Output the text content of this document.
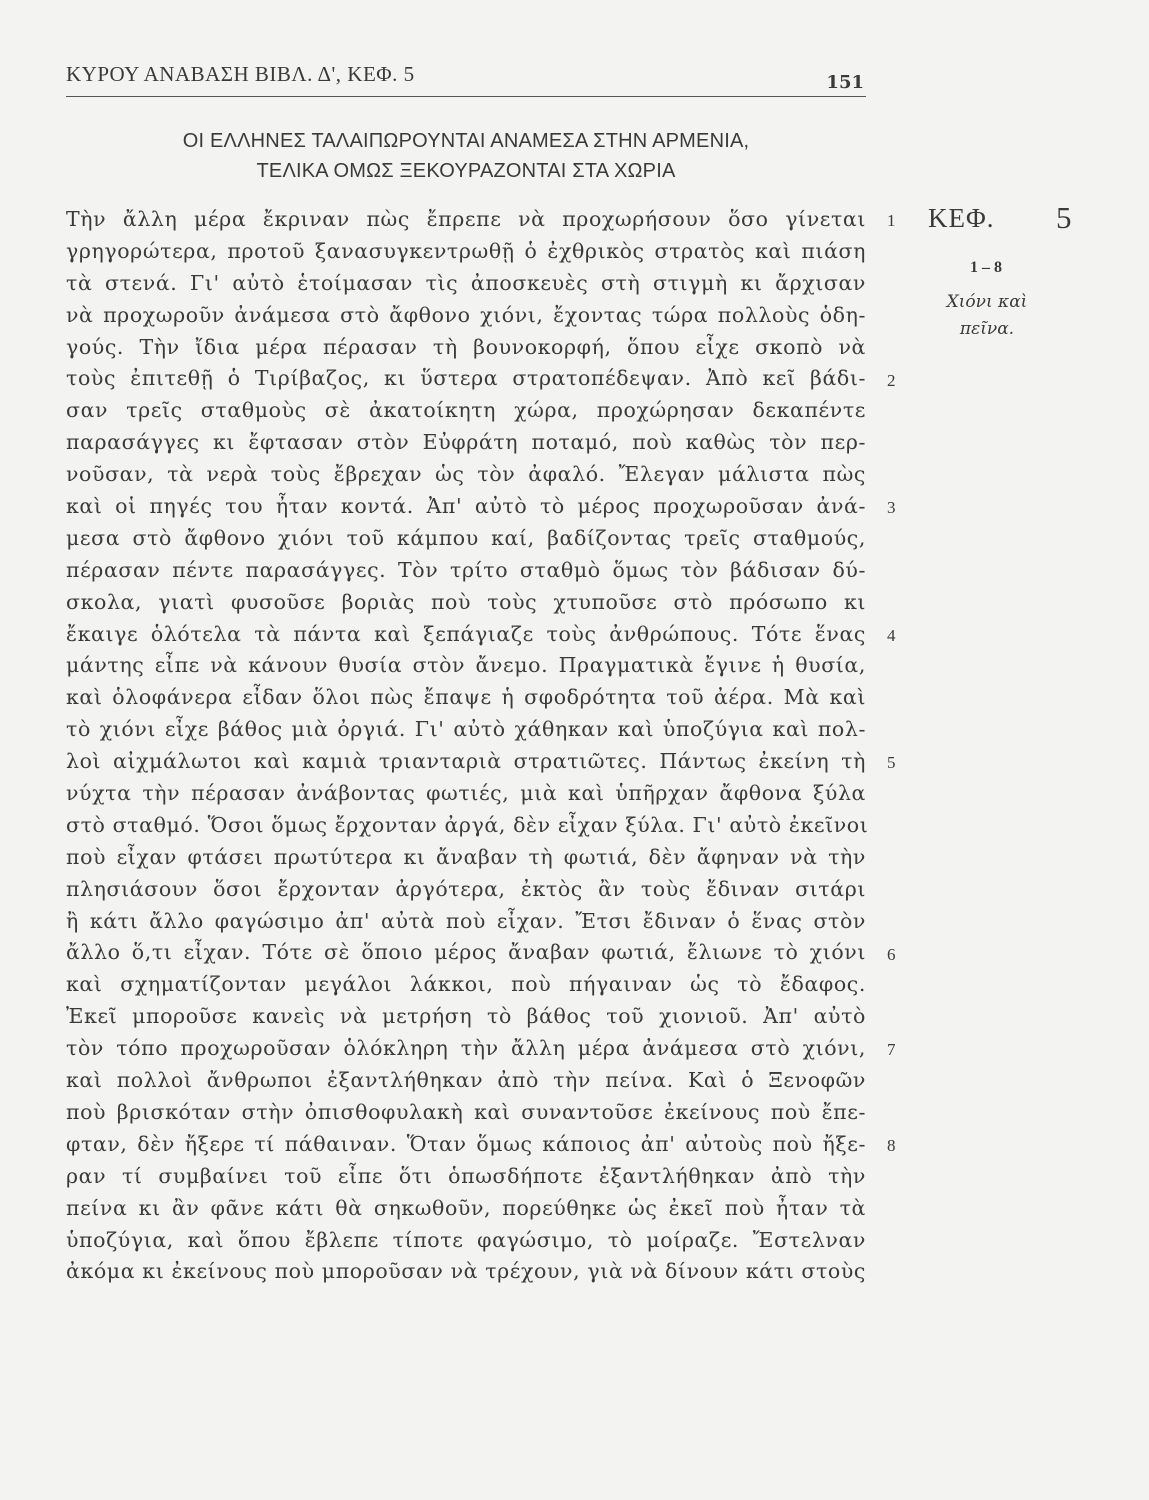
ΚΥΡΟΥ ΑΝΑΒΑΣΗ ΒΙΒΛ. Δ', ΚΕΦ. 5	151
ΟΙ ΕΛΛΗΝΕΣ ΤΑΛΑΙΠΩΡΟΥΝΤΑΙ ΑΝΑΜΕΣΑ ΣΤΗΝ ΑΡΜΕΝΙΑ,
ΤΕΛΙΚΑ ΟΜΩΣ ΞΕΚΟΥΡΑΖΟΝΤΑΙ ΣΤΑ ΧΩΡΙΑ
Τὴν ἄλλη μέρα ἔκριναν πὼς ἔπρεπε νὰ προχωρήσουν ὅσο γίνεται
γρηγορώτερα, προτοῦ ξανασυγκεντρωθῇ ὁ ἐχθρικὸς στρατὸς καὶ πιάση
τὰ στενά. Γι' αὐτὸ ἑτοίμασαν τὶς ἀποσκευὲς στὴ στιγμὴ κι ἄρχισαν
νὰ προχωροῦν ἀνάμεσα στὸ ἄφθονο χιόνι, ἔχοντας τώρα πολλοὺς ὁδη-
γούς. Τὴν ἴδια μέρα πέρασαν τὴ βουνοκορφή, ὅπου εἶχε σκοπὸ νὰ
τοὺς ἐπιτεθῇ ὁ Τιρίβαζος, κι ὕστερα στρατοπέδεψαν. Ἀπὸ κεῖ βάδι-
σαν τρεῖς σταθμοὺς σὲ ἀκατοίκητη χώρα, προχώρησαν δεκαπέντε
παρασάγγες κι ἔφτασαν στὸν Εὐφράτη ποταμό, ποὺ καθὼς τὸν περ-
νοῦσαν, τὰ νερὰ τοὺς ἔβρεχαν ὡς τὸν ἀφαλό. Ἔλεγαν μάλιστα πὼς
καὶ οἱ πηγές του ἦταν κοντά. Ἀπ' αὐτὸ τὸ μέρος προχωροῦσαν ἀνά-
μεσα στὸ ἄφθονο χιόνι τοῦ κάμπου καί, βαδίζοντας τρεῖς σταθμούς,
πέρασαν πέντε παρασάγγες. Τὸν τρίτο σταθμὸ ὅμως τὸν βάδισαν δύ-
σκολα, γιατὶ φυσοῦσε βοριὰς ποὺ τοὺς χτυποῦσε στὸ πρόσωπο κι
ἔκαιγε ὁλότελα τὰ πάντα καὶ ξεπάγιαζε τοὺς ἀνθρώπους. Τότε ἕνας
μάντης εἶπε νὰ κάνουν θυσία στὸν ἄνεμο. Πραγματικὰ ἔγινε ἡ θυσία,
καὶ ὁλοφάνερα εἶδαν ὅλοι πὼς ἔπαψε ἡ σφοδρότητα τοῦ ἀέρα. Μὰ καὶ
τὸ χιόνι εἶχε βάθος μιὰ ὀργιά. Γι' αὐτὸ χάθηκαν καὶ ὑποζύγια καὶ πολ-
λοὶ αἰχμάλωτοι καὶ καμιὰ τριανταριὰ στρατιῶτες. Πάντως ἐκείνη τὴ
νύχτα τὴν πέρασαν ἀνάβοντας φωτιές, μιὰ καὶ ὑπῆρχαν ἄφθονα ξύλα
στὸ σταθμό. Ὅσοι ὅμως ἔρχονταν ἀργά, δὲν εἶχαν ξύλα. Γι' αὐτὸ ἐκεῖνοι
ποὺ εἶχαν φτάσει πρωτύτερα κι ἄναβαν τὴ φωτιά, δὲν ἄφηναν νὰ τὴν
πλησιάσουν ὅσοι ἔρχονταν ἀργότερα, ἐκτὸς ἂν τοὺς ἔδιναν σιτάρι
ἢ κάτι ἄλλο φαγώσιμο ἀπ' αὐτὰ ποὺ εἶχαν. Ἔτσι ἔδιναν ὁ ἕνας στὸν
ἄλλο ὅ,τι εἶχαν. Τότε σὲ ὅποιο μέρος ἄναβαν φωτιά, ἔλιωνε τὸ χιόνι
καὶ σχηματίζονταν μεγάλοι λάκκοι, ποὺ πήγαιναν ὡς τὸ ἔδαφος.
Ἐκεῖ μποροῦσε κανεὶς νὰ μετρήση τὸ βάθος τοῦ χιονιοῦ. Ἀπ' αὐτὸ
τὸν τόπο προχωροῦσαν ὁλόκληρη τὴν ἄλλη μέρα ἀνάμεσα στὸ χιόνι,
καὶ πολλοὶ ἄνθρωποι ἐξαντλήθηκαν ἀπὸ τὴν πείνα. Καὶ ὁ Ξενοφῶν
ποὺ βρισκόταν στὴν ὀπισθοφυλακὴ καὶ συναντοῦσε ἐκείνους ποὺ ἔπε-
φταν, δὲν ἤξερε τί πάθαιναν. Ὅταν ὅμως κάποιος ἀπ' αὐτοὺς ποὺ ἤξε-
ραν τί συμβαίνει τοῦ εἶπε ὅτι ὁπωσδήποτε ἐξαντλήθηκαν ἀπὸ τὴν
πείνα κι ἂν φᾶνε κάτι θὰ σηκωθοῦν, πορεύθηκε ὡς ἐκεῖ ποὺ ἦταν τὰ
ὑποζύγια, καὶ ὅπου ἔβλεπε τίποτε φαγώσιμο, τὸ μοίραζε. Ἔστελναν
ἀκόμα κι ἐκείνους ποὺ μποροῦσαν νὰ τρέχουν, γιὰ νὰ δίνουν κάτι στοὺς
1
2
3
4
5
6
7
8
ΚΕΦ. 5
1 – 8
Χιόνι καὶ
πεῖνα.
